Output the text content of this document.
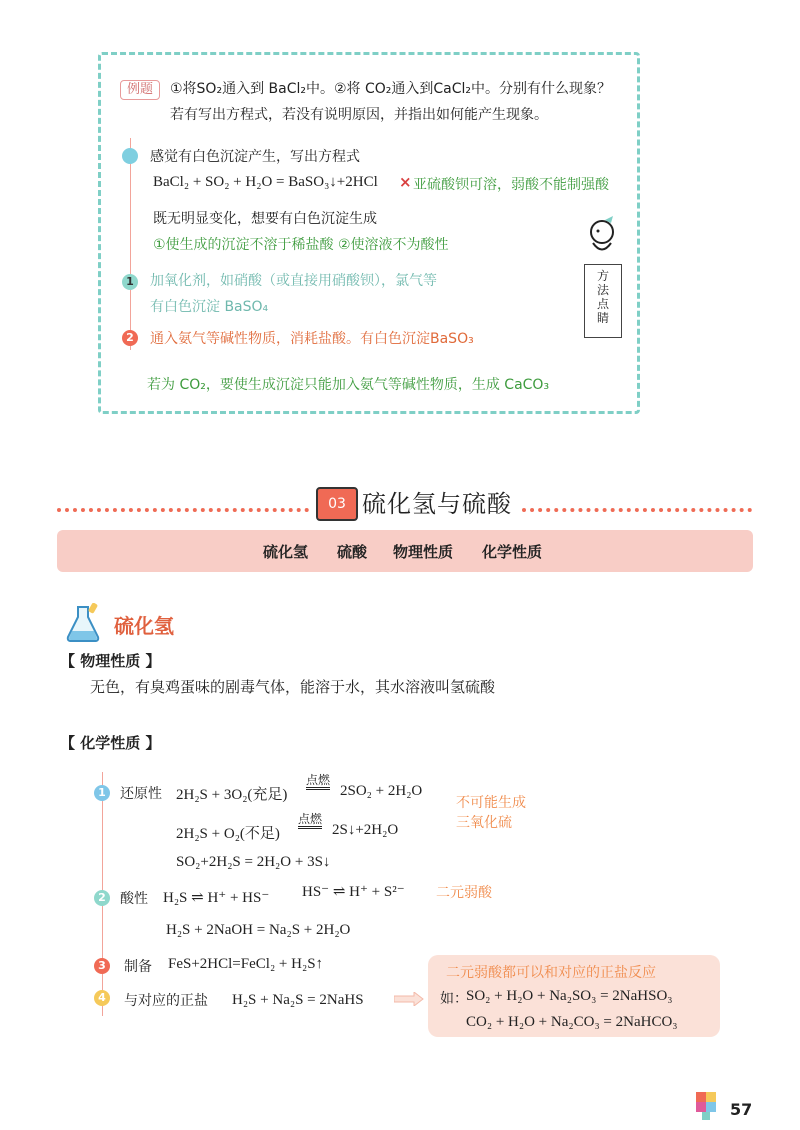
例题	①将SO₂通入到 BaCl₂中。②将 CO₂通入到CaCl₂中。分别有什么现象？
若有写出方程式，若没有说明原因，并指出如何能产生现象。
感觉有白色沉淀产生，写出方程式
BaCl₂ + SO₂ + H₂O = BaSO₃↓+2HCl × 亚硫酸钡可溶，弱酸不能制强酸
既无明显变化，想要有白色沉淀生成
①使生成的沉淀不溶于稀盐酸 ②使溶液不为酸性
1 加氧化剂，如硝酸（或直接用硝酸钡），氯气等
有白色沉淀 BaSO₄
2 通入氨气等碱性物质，消耗盐酸。有白色沉淀BaSO₃
若为 CO₂，要使生成沉淀只能加入氨气等碱性物质，生成 CaCO₃
方
法
点
睛
03 硫化氢与硫酸
硫化氢 硫酸 物理性质 化学性质
硫化氢
【 物理性质 】
无色，有臭鸡蛋味的剧毒气体，能溶于水，其水溶液叫氢硫酸
【 化学性质 】
1 还原性 2H₂S + 3O₂(充足)
点燃
2SO₂ + 2H₂O
2H₂S + O₂(不足)
点燃
2S↓+2H₂O
SO₂+2H₂S = 2H₂O + 3S↓
不可能生成
三氧化硫
2 酸性 H₂S ⇌ H⁺ + HS⁻ HS⁻ ⇌ H⁺ + S²⁻ 二元弱酸
H₂S + 2NaOH = Na₂S + 2H₂O
3 制备 FeS+2HCl=FeCl₂ + H₂S↑
4 与对应的正盐 H₂S + Na₂S = 2NaHS
二元弱酸都可以和对应的正盐反应
如：
SO₂ + H₂O + Na₂SO₃ = 2NaHSO₃
CO₂ + H₂O + Na₂CO₃ = 2NaHCO₃
57
